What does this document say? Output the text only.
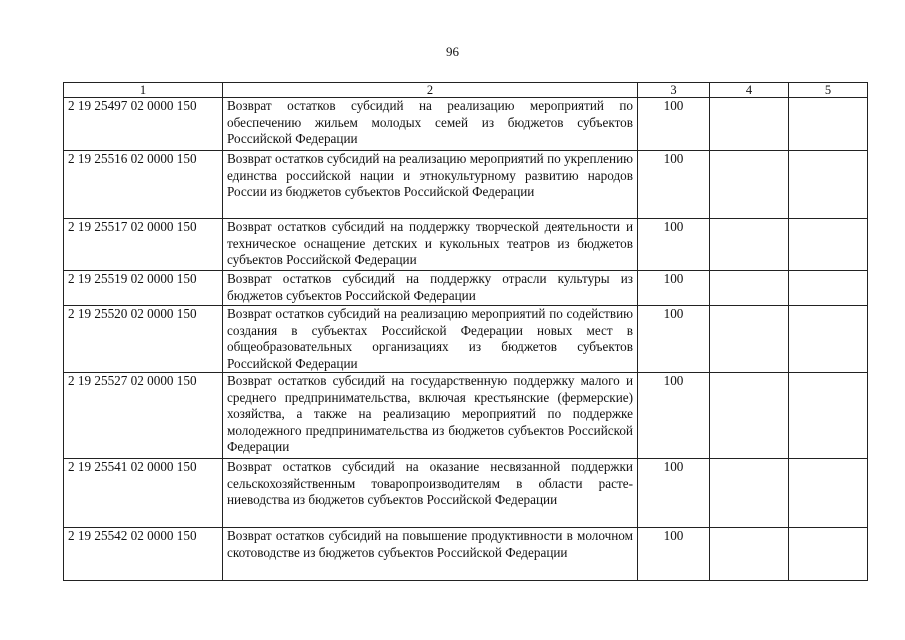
96
1	2	3	4	5
2 19 25497 02 0000 150	Возврат остатков субсидий на реализацию мероприятий по обеспечению жильем молодых семей из бюджетов субъектов Российской Федерации	100		
2 19 25516 02 0000 150	Возврат остатков субсидий на реализацию мероприятий по укреплению единства российской нации и этнокультурному развитию народов России из бюджетов субъектов Российской Федерации	100		
2 19 25517 02 0000 150	Возврат остатков субсидий на поддержку творческой деятельности и техническое оснащение детских и кукольных театров из бюджетов субъектов Российской Федерации	100		
2 19 25519 02 0000 150	Возврат остатков субсидий на поддержку отрасли культуры из бюджетов субъектов Российской Федерации	100		
2 19 25520 02 0000 150	Возврат остатков субсидий на реализацию мероприятий по содействию создания в субъектах Российской Федерации новых мест в общеобразовательных организациях из бюджетов субъектов Российской Федерации	100		
2 19 25527 02 0000 150	Возврат остатков субсидий на государственную поддержку малого и среднего предпринимательства, включая крестьянские (фермерские) хозяйства, а также на реализацию мероприятий по поддержке молодежного предпринимательства из бюджетов субъектов Российской Федерации	100		
2 19 25541 02 0000 150	Возврат остатков субсидий на оказание несвязанной поддержки сельскохозяйственным товаропроизводителям в области растениеводства из бюджетов субъектов Российской Федерации	100		
2 19 25542 02 0000 150	Возврат остатков субсидий на повышение продуктивности в молочном скотоводстве из бюджетов субъектов Российской Федерации	100		
